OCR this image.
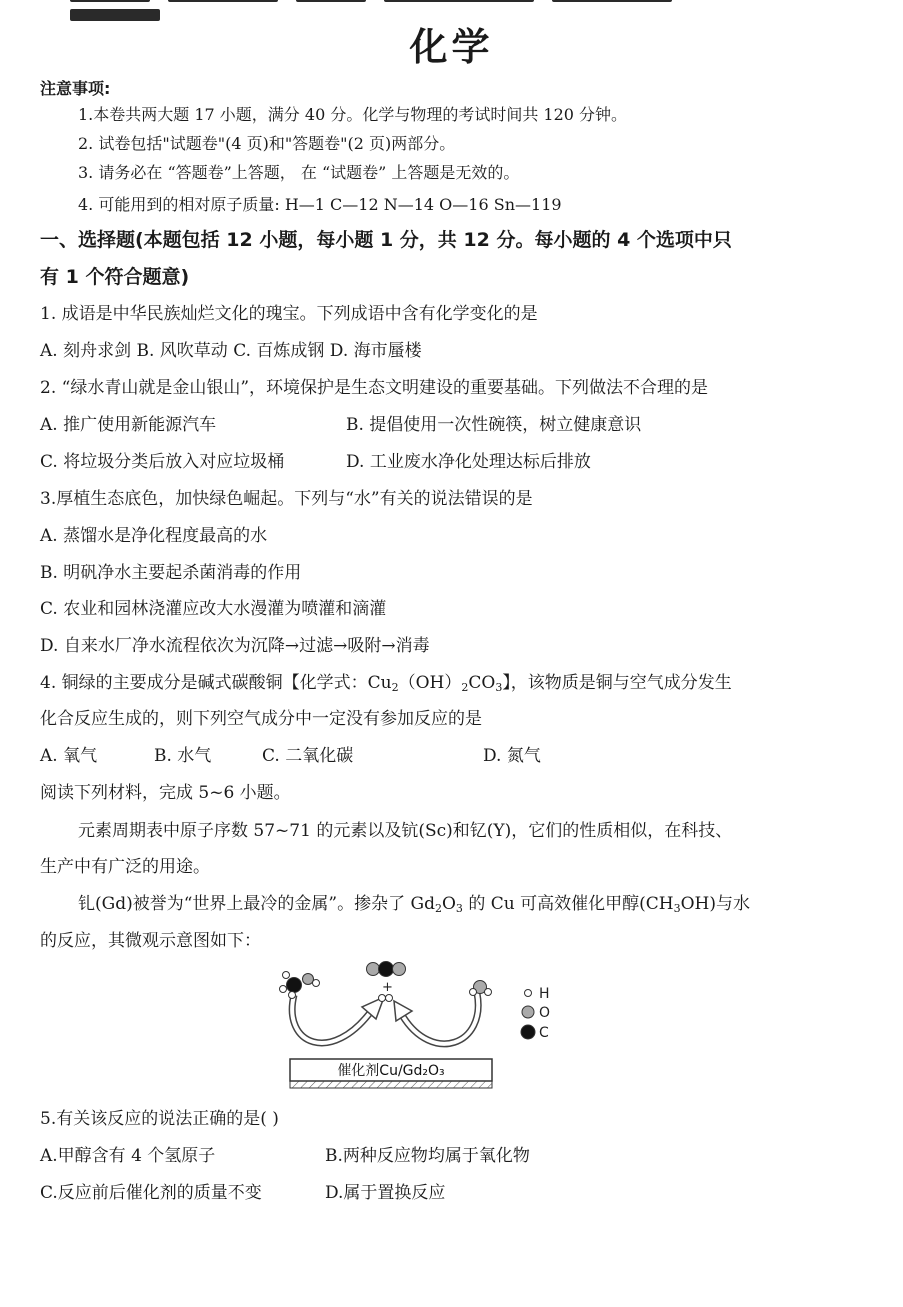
化学
注意事项:
1.本卷共两大题 17 小题，满分 40 分。化学与物理的考试时间共 120 分钟。
2. 试卷包括"试题卷"(4 页)和"答题卷"(2 页)两部分。
3. 请务必在 “答题卷”上答题， 在 “试题卷” 上答题是无效的。
4. 可能用到的相对原子质量: H—1 C—12 N—14 O—16 Sn—119
一、选择题(本题包括 12 小题，每小题 1 分，共 12 分。每小题的 4 个选项中只
有 1 个符合题意)
1. 成语是中华民族灿烂文化的瑰宝。下列成语中含有化学变化的是
A. 刻舟求剑 B. 风吹草动 C. 百炼成钢 D. 海市蜃楼
2. “绿水青山就是金山银山”，环境保护是生态文明建设的重要基础。下列做法不合理的是
A. 推广使用新能源汽车	B. 提倡使用一次性碗筷，树立健康意识
C. 将垃圾分类后放入对应垃圾桶	D. 工业废水净化处理达标后排放
3.厚植生态底色，加快绿色崛起。下列与“水”有关的说法错误的是
A. 蒸馏水是净化程度最高的水
B. 明矾净水主要起杀菌消毒的作用
C. 农业和园林浇灌应改大水漫灌为喷灌和滴灌
D. 自来水厂净水流程依次为沉降→过滤→吸附→消毒
4. 铜绿的主要成分是碱式碳酸铜【化学式：$Cu_2(OH)_2CO_3$】，该物质是铜与空气成分发生
化合反应生成的，则下列空气成分中一定没有参加反应的是
A. 氧气	B. 水气	C. 二氧化碳	D. 氮气
阅读下列材料，完成 5~6 小题。
元素周期表中原子序数 57~71 的元素以及钪(Sc)和钇(Y)，它们的性质相似，在科技、
生产中有广泛的用途。
钆(Gd)被誉为“世界上最冷的金属”。掺杂了 $Gd_2O_3$ 的 Cu 可高效催化甲醇$(CH_3OH)$与水
的反应，其微观示意图如下：
+	H
O
C
催化剂Cu/Gd₂O₃
5.有关该反应的说法正确的是( )
A.甲醇含有 4 个氢原子	B.两种反应物均属于氧化物
C.反应前后催化剂的质量不变	D.属于置换反应
